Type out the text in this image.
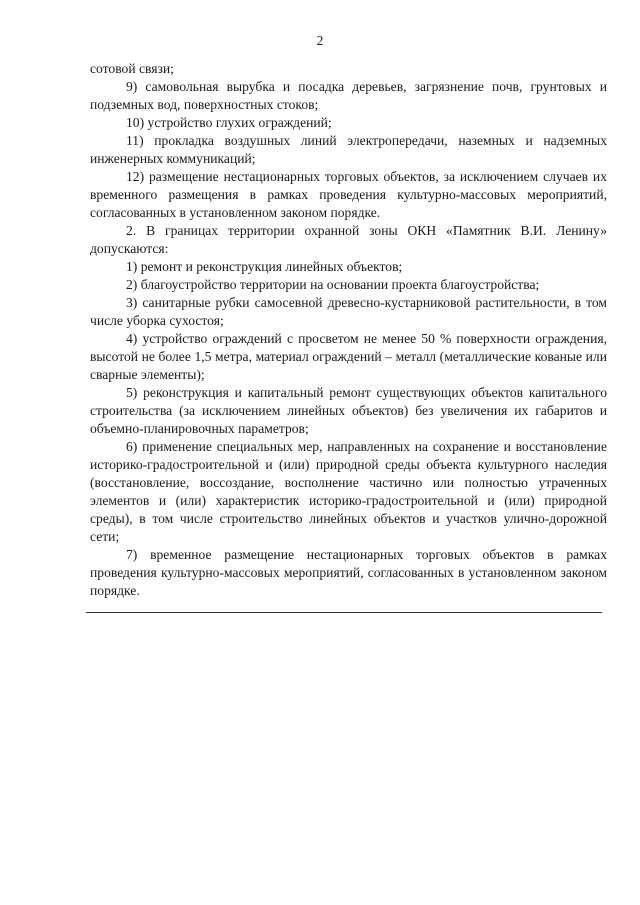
2

сотовой связи;

9) самовольная вырубка и посадка деревьев, загрязнение почв, грунтовых и подземных вод, поверхностных стоков;

10) устройство глухих ограждений;

11) прокладка воздушных линий электропередачи, наземных и надземных инженерных коммуникаций;

12) размещение нестационарных торговых объектов, за исключением случаев их временного размещения в рамках проведения культурно-массовых мероприятий, согласованных в установленном законом порядке.

2. В границах территории охранной зоны ОКН «Памятник В.И. Ленину» допускаются:

1) ремонт и реконструкция линейных объектов;

2) благоустройство территории на основании проекта благоустройства;

3) санитарные рубки самосевной древесно-кустарниковой растительности, в том числе уборка сухостоя;

4) устройство ограждений с просветом не менее 50 % поверхности ограждения, высотой не более 1,5 метра, материал ограждений – металл (металлические кованые или сварные элементы);

5) реконструкция и капитальный ремонт существующих объектов капитального строительства (за исключением линейных объектов) без увеличения их габаритов и объемно-планировочных параметров;

6) применение специальных мер, направленных на сохранение и восстановление историко-градостроительной и (или) природной среды объекта культурного наследия (восстановление, воссоздание, восполнение частично или полностью утраченных элементов и (или) характеристик историко-градостроительной и (или) природной среды), в том числе строительство линейных объектов и участков улично-дорожной сети;

7) временное размещение нестационарных торговых объектов в рамках проведения культурно-массовых мероприятий, согласованных в установленном законом порядке.
